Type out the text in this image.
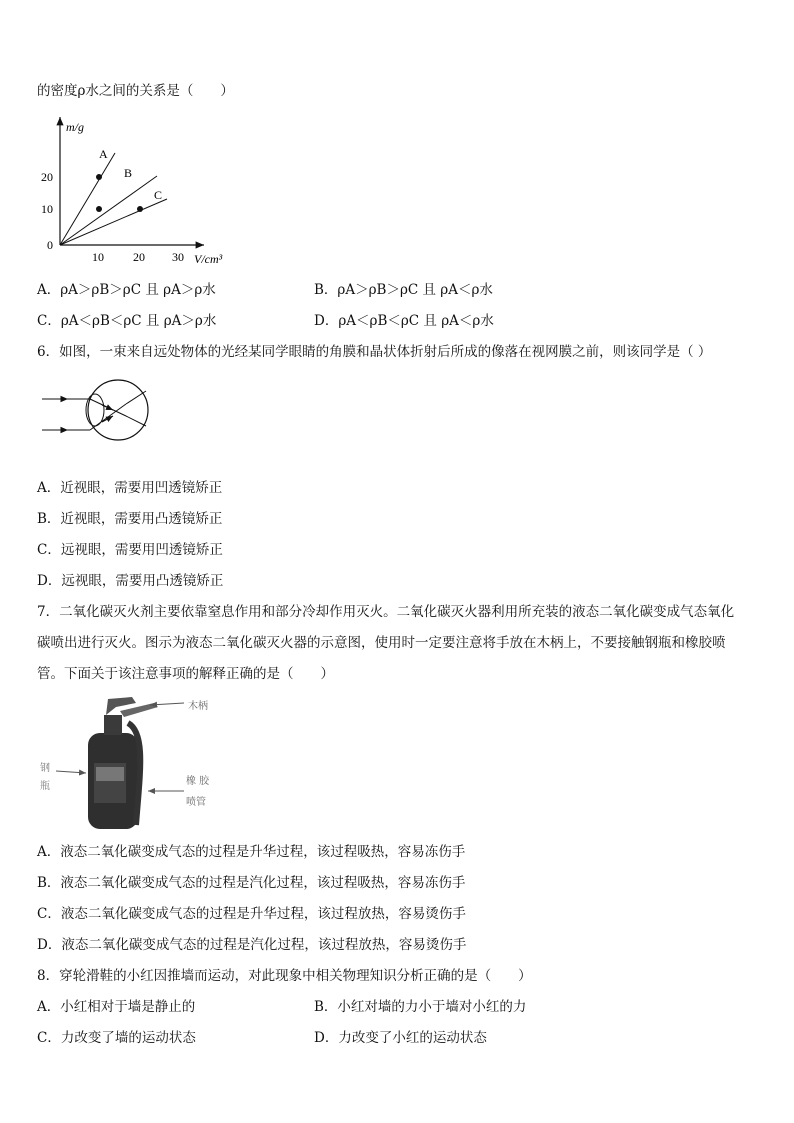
的密度ρ水之间的关系是（　　）
m/g
20
10
0
10 20 30 V/cm³
A
B
C
A．ρA＞ρB＞ρC 且 ρA＞ρ水	B．ρA＞ρB＞ρC 且 ρA＜ρ水
C．ρA＜ρB＜ρC 且 ρA＞ρ水	D．ρA＜ρB＜ρC 且 ρA＜ρ水
6．如图，一束来自远处物体的光经某同学眼睛的角膜和晶状体折射后所成的像落在视网膜之前，则该同学是（ ）
A．近视眼，需要用凹透镜矫正
B．近视眼，需要用凸透镜矫正
C．远视眼，需要用凹透镜矫正
D．远视眼，需要用凸透镜矫正
7．二氧化碳灭火剂主要依靠窒息作用和部分冷却作用灭火。二氧化碳灭火器利用所充装的液态二氧化碳变成气态氧化
碳喷出进行灭火。图示为液态二氧化碳灭火器的示意图，使用时一定要注意将手放在木柄上，不要接触钢瓶和橡胶喷
管。下面关于该注意事项的解释正确的是（　　）
木柄
钢
瓶	橡 胶
喷管
A．液态二氧化碳变成气态的过程是升华过程，该过程吸热，容易冻伤手
B．液态二氧化碳变成气态的过程是汽化过程，该过程吸热，容易冻伤手
C．液态二氧化碳变成气态的过程是升华过程，该过程放热，容易烫伤手
D．液态二氧化碳变成气态的过程是汽化过程，该过程放热，容易烫伤手
8．穿轮滑鞋的小红因推墙而运动，对此现象中相关物理知识分析正确的是（　　）
A．小红相对于墙是静止的	B．小红对墙的力小于墙对小红的力
C．力改变了墙的运动状态	D．力改变了小红的运动状态
